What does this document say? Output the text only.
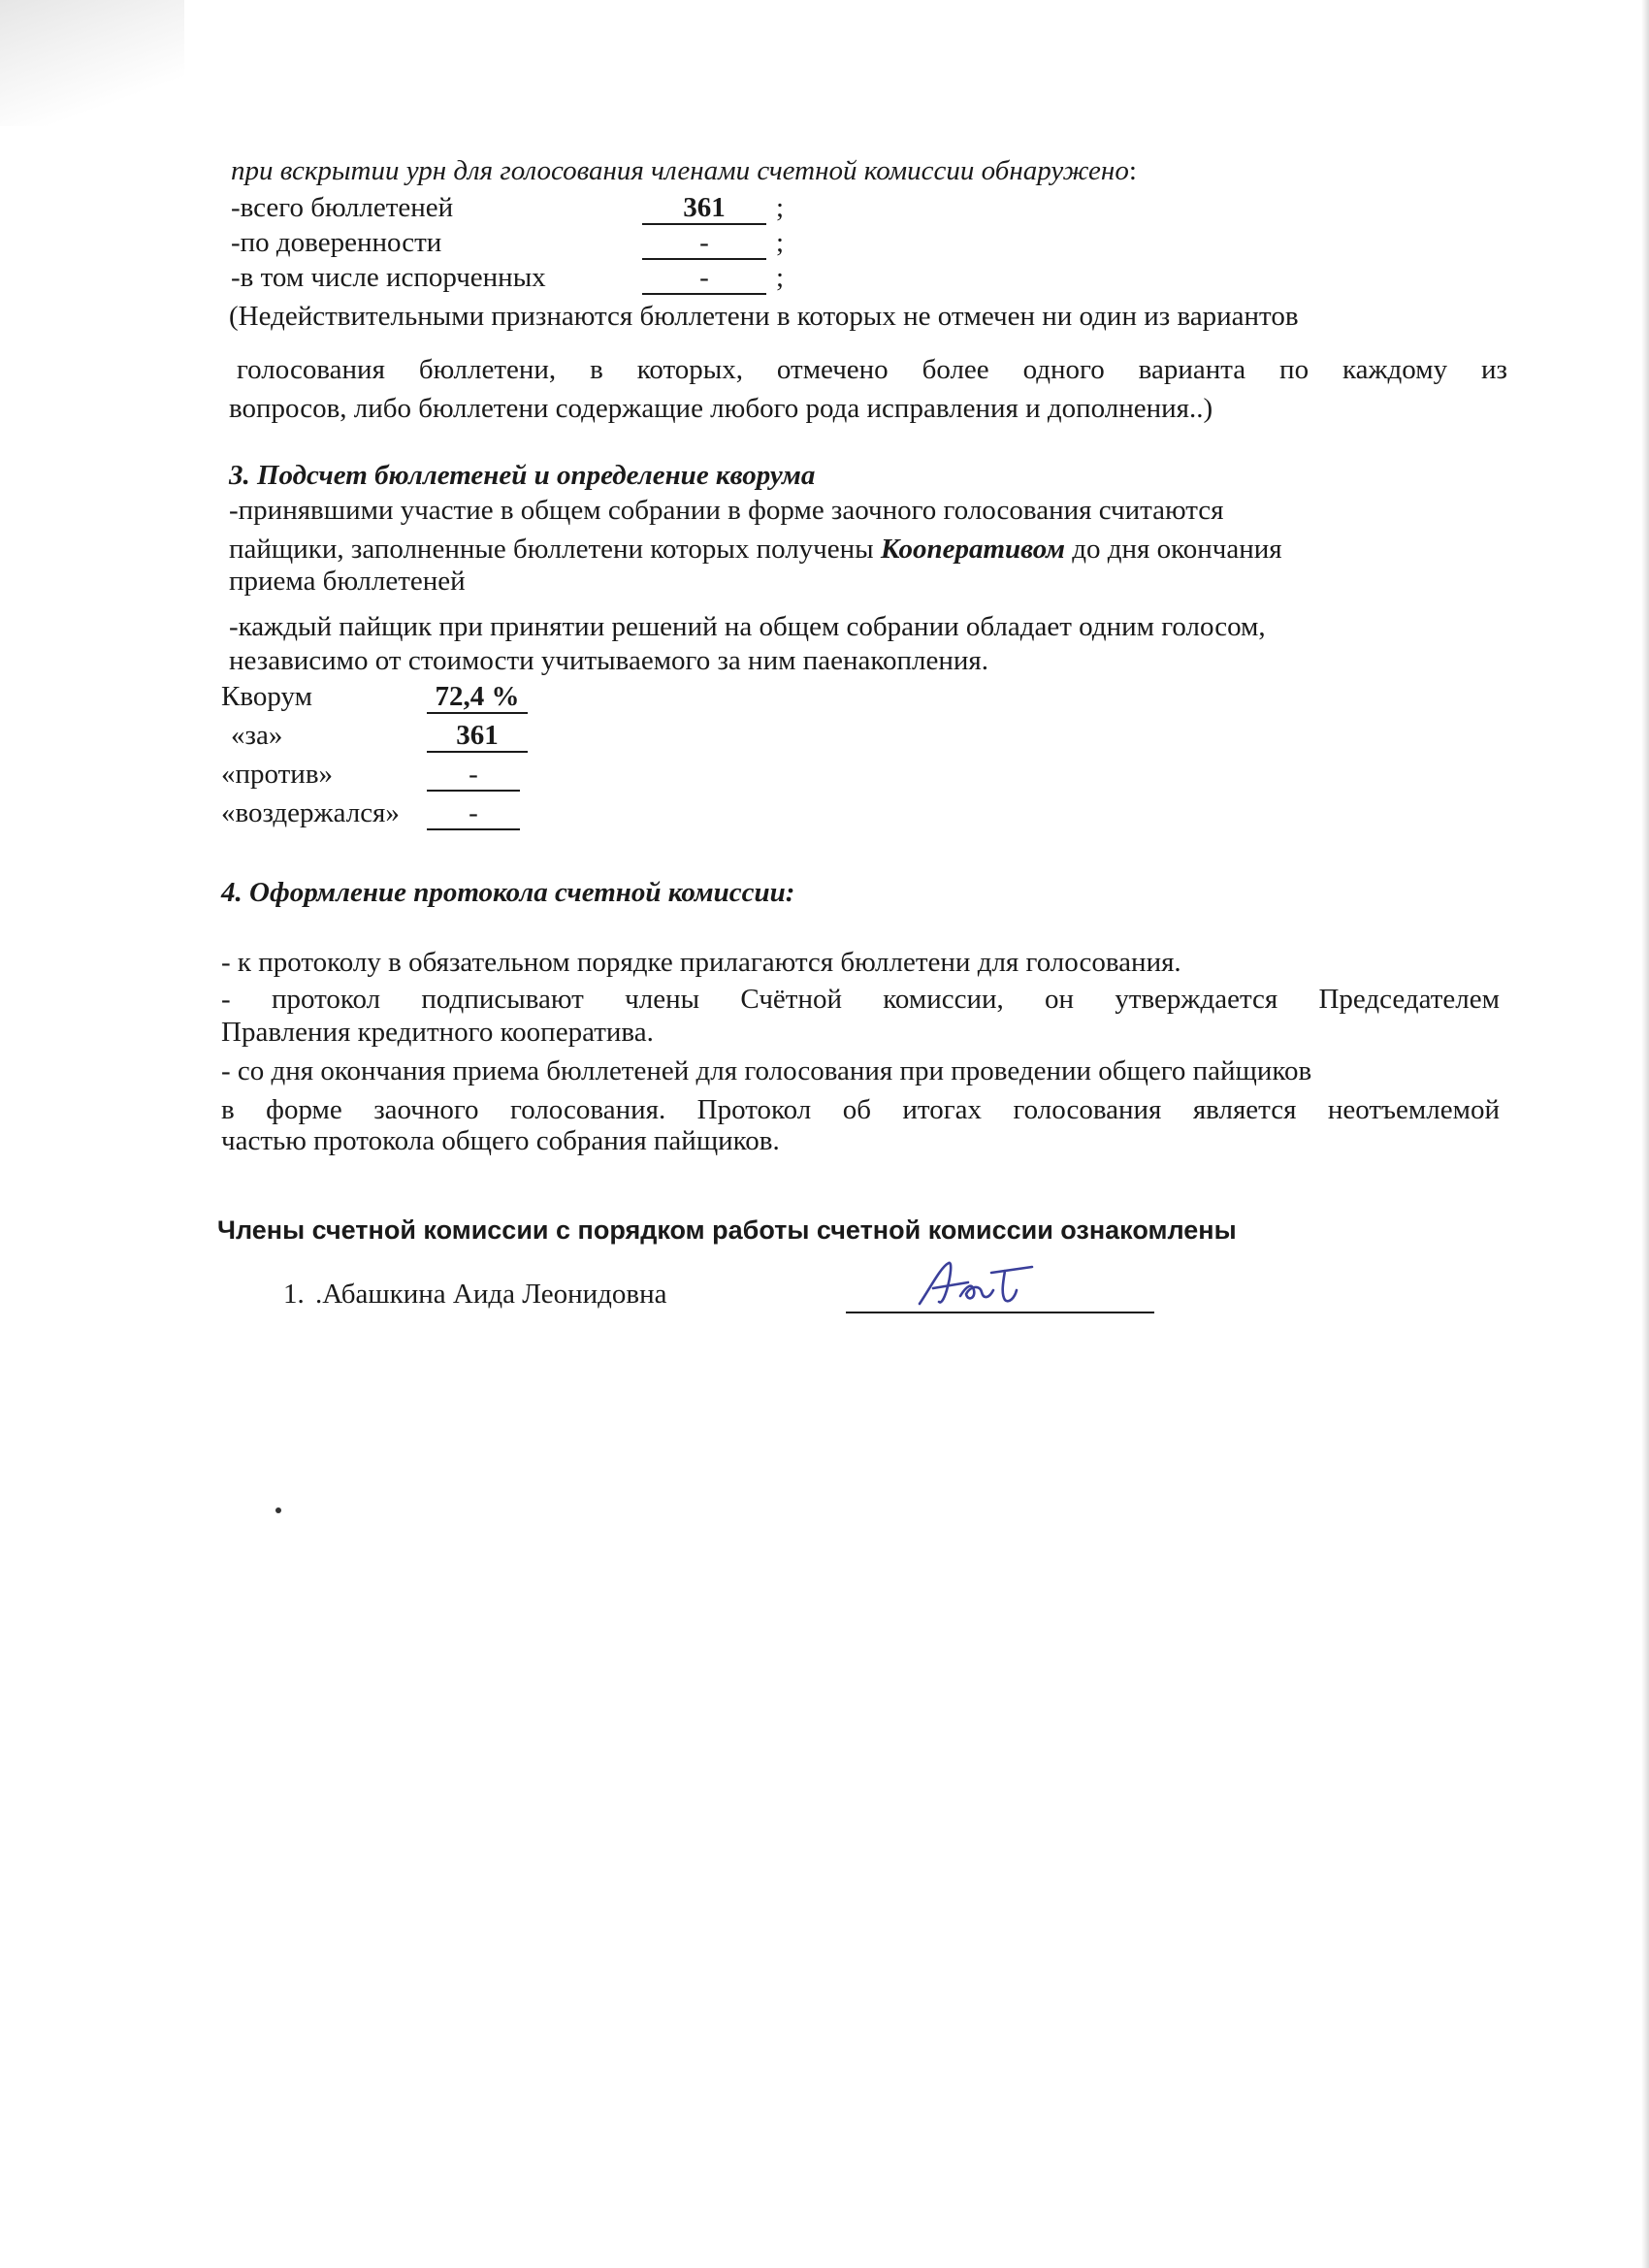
при вскрытии урн для голосования членами счетной комиссии обнаружено:
-всего бюллетеней	361 ;
-по доверенности	- ;
-в том числе испорченных	- ;
(Недействительными признаются бюллетени в которых не отмечен ни один из вариантов
голосования бюллетени, в которых, отмечено более одного варианта по каждому из
вопросов, либо бюллетени содержащие любого рода исправления и дополнения..)
3. Подсчет бюллетеней и определение кворума
-принявшими участие в общем собрании в форме заочного голосования считаются
пайщики, заполненные бюллетени которых получены Кооперативом до дня окончания
приема бюллетеней
-каждый пайщик при принятии решений на общем собрании обладает одним голосом,
независимо от стоимости учитываемого за ним паенакопления.
Кворум	72,4 %
«за»	361
«против»	-
«воздержался»	-
4. Оформление протокола счетной комиссии:
- к протоколу в обязательном порядке прилагаются бюллетени для голосования.
- протокол подписывают члены Счётной комиссии, он утверждается Председателем
Правления кредитного кооператива.
- со дня окончания приема бюллетеней для голосования при проведении общего пайщиков
в форме заочного голосования. Протокол об итогах голосования является неотъемлемой
частью протокола общего собрания пайщиков.
Члены счетной комиссии с порядком работы счетной комиссии ознакомлены
1. .Абашкина Аида Леонидовна
